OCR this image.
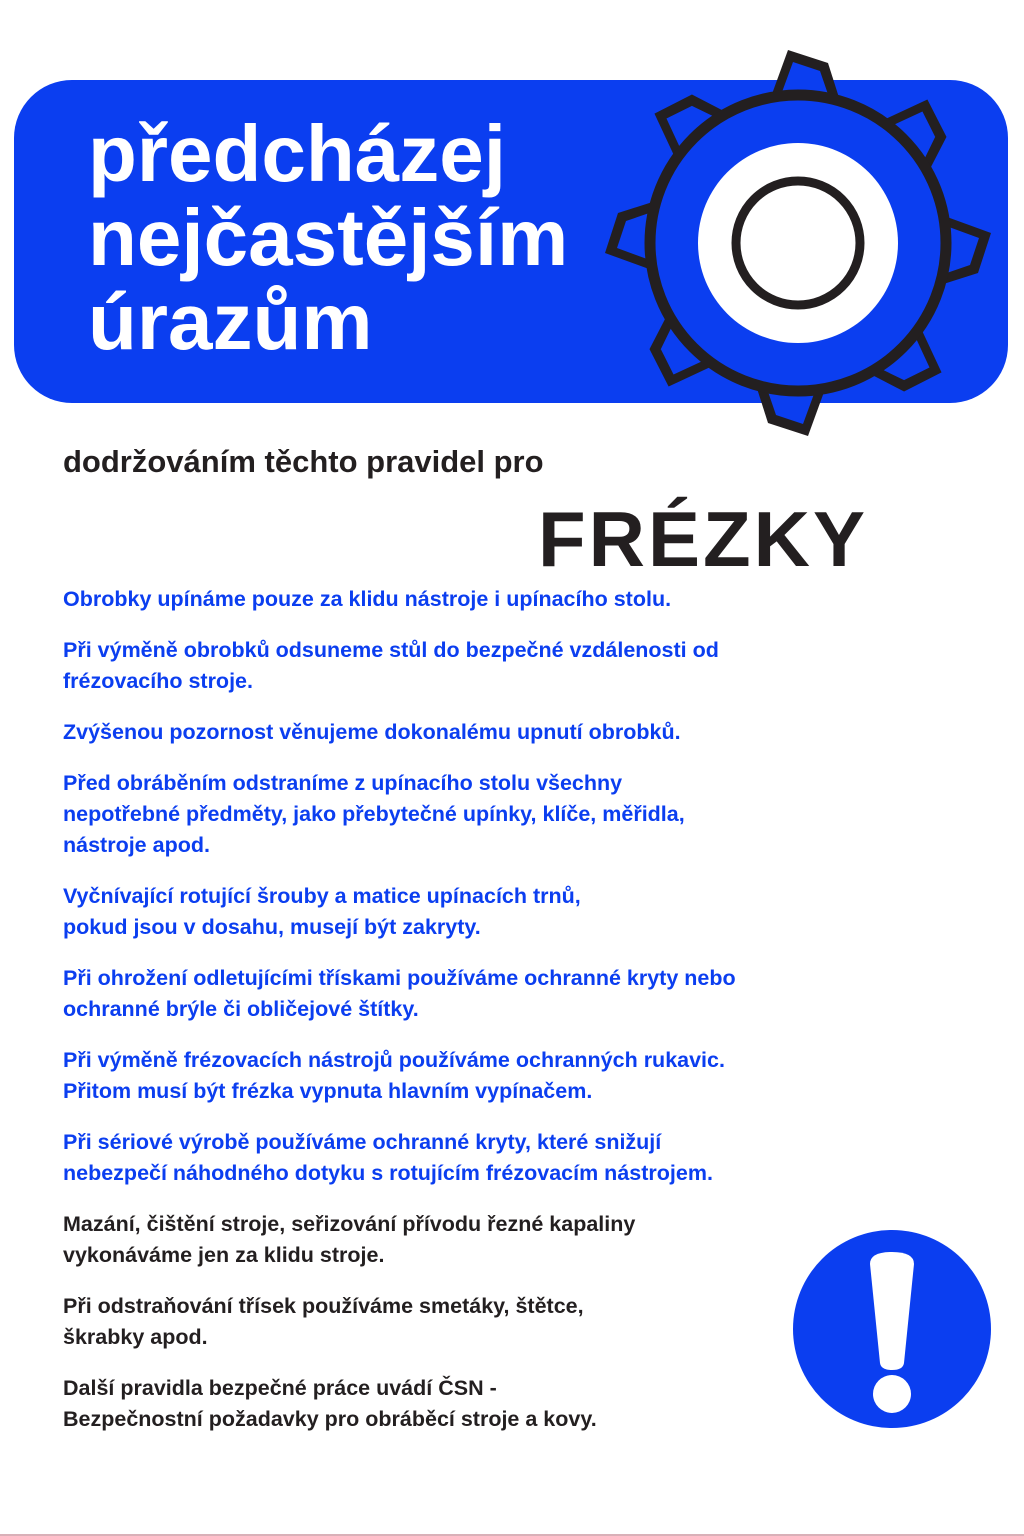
předcházej
nejčastějším
úrazům

dodržováním těchto pravidel pro

FRÉZKY

Obrobky upínáme pouze za klidu nástroje i upínacího stolu.

Při výměně obrobků odsuneme stůl do bezpečné vzdálenosti od
frézovacího stroje.

Zvýšenou pozornost věnujeme dokonalému upnutí obrobků.

Před obráběním odstraníme z upínacího stolu všechny
nepotřebné předměty, jako přebytečné upínky, klíče, měřidla,
nástroje apod.

Vyčnívající rotující šrouby a matice upínacích trnů,
pokud jsou v dosahu, musejí být zakryty.

Při ohrožení odletujícími třískami používáme ochranné kryty nebo
ochranné brýle či obličejové štítky.

Při výměně frézovacích nástrojů používáme ochranných rukavic.
Přitom musí být frézka vypnuta hlavním vypínačem.

Při sériové výrobě používáme ochranné kryty, které snižují
nebezpečí náhodného dotyku s rotujícím frézovacím nástrojem.

Mazání, čištění stroje, seřizování přívodu řezné kapaliny
vykonáváme jen za klidu stroje.

Při odstraňování třísek používáme smetáky, štětce,
škrabky apod.

Další pravidla bezpečné práce uvádí ČSN -
Bezpečnostní požadavky pro obráběcí stroje a kovy.
